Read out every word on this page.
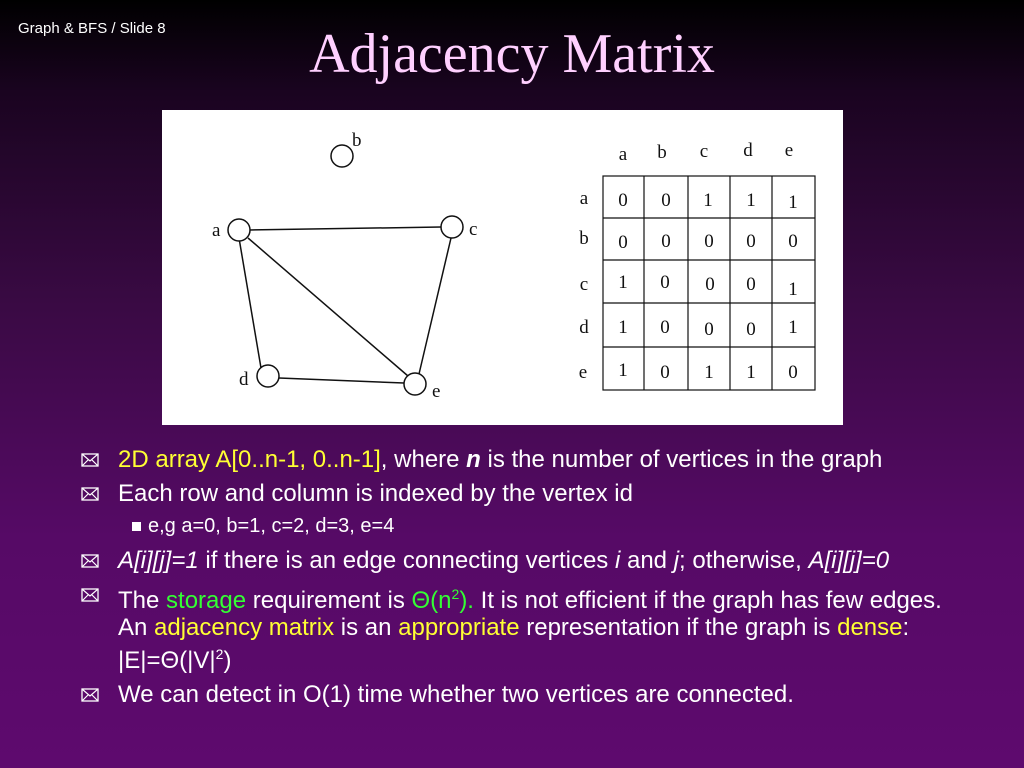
Graph & BFS / Slide 8	Adjacency Matrix
b
a	c
d
e
a b c d e
a
b
c
d
e
0 0 1 1 1
0 0 0 0 0
1 0 0 0 1
1 0 0 0 1
1 0 1 1 0
2D array A[0..n-1, 0..n-1], where n is the number of vertices in the graph
Each row and column is indexed by the vertex id
e,g a=0, b=1, c=2, d=3, e=4
A[i][j]=1 if there is an edge connecting vertices i and j; otherwise, A[i][j]=0
The storage requirement is $\Theta(n^2)$. It is not efficient if the graph has few edges. An adjacency matrix is an appropriate representation if the graph is dense: $|E|=\Theta(|V|^2)$
We can detect in O(1) time whether two vertices are connected.
